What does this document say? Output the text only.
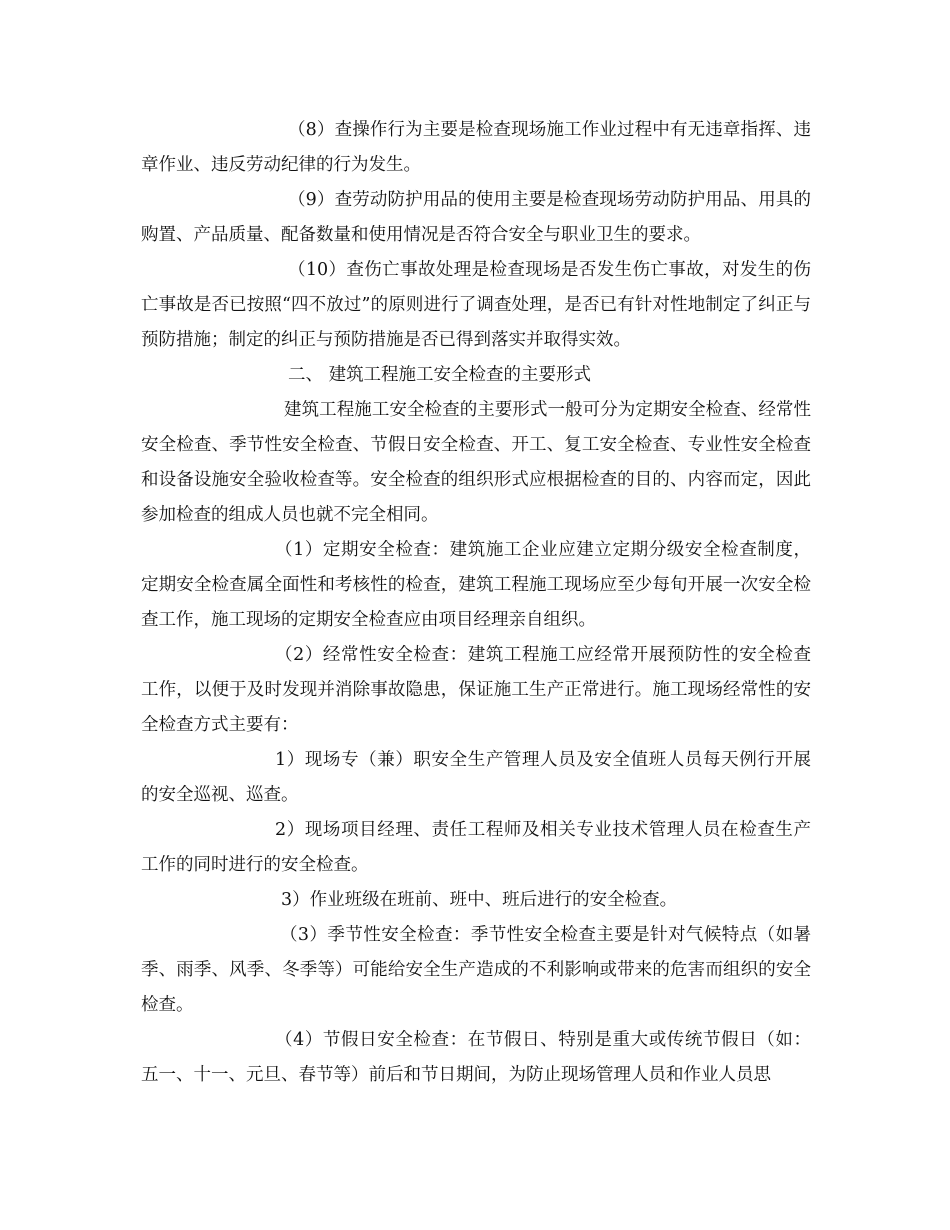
（8）查操作行为主要是检查现场施工作业过程中有无违章指挥、违章作业、违反劳动纪律的行为发生。

（9）查劳动防护用品的使用主要是检查现场劳动防护用品、用具的购置、产品质量、配备数量和使用情况是否符合安全与职业卫生的要求。

（10）查伤亡事故处理是检查现场是否发生伤亡事故，对发生的伤亡事故是否已按照“四不放过”的原则进行了调查处理，是否已有针对性地制定了纠正与预防措施；制定的纠正与预防措施是否已得到落实并取得实效。

二、 建筑工程施工安全检查的主要形式

建筑工程施工安全检查的主要形式一般可分为定期安全检查、经常性安全检查、季节性安全检查、节假日安全检查、开工、复工安全检查、专业性安全检查和设备设施安全验收检查等。安全检查的组织形式应根据检查的目的、内容而定，因此参加检查的组成人员也就不完全相同。

（1）定期安全检查：建筑施工企业应建立定期分级安全检查制度，定期安全检查属全面性和考核性的检查，建筑工程施工现场应至少每旬开展一次安全检查工作，施工现场的定期安全检查应由项目经理亲自组织。

（2）经常性安全检查：建筑工程施工应经常开展预防性的安全检查工作，以便于及时发现并消除事故隐患，保证施工生产正常进行。施工现场经常性的安全检查方式主要有：

1）现场专（兼）职安全生产管理人员及安全值班人员每天例行开展的安全巡视、巡查。

2）现场项目经理、责任工程师及相关专业技术管理人员在检查生产工作的同时进行的安全检查。

3）作业班级在班前、班中、班后进行的安全检查。

（3）季节性安全检查：季节性安全检查主要是针对气候特点（如暑季、雨季、风季、冬季等）可能给安全生产造成的不利影响或带来的危害而组织的安全检查。

（4）节假日安全检查：在节假日、特别是重大或传统节假日（如：五一、十一、元旦、春节等）前后和节日期间，为防止现场管理人员和作业人员思
